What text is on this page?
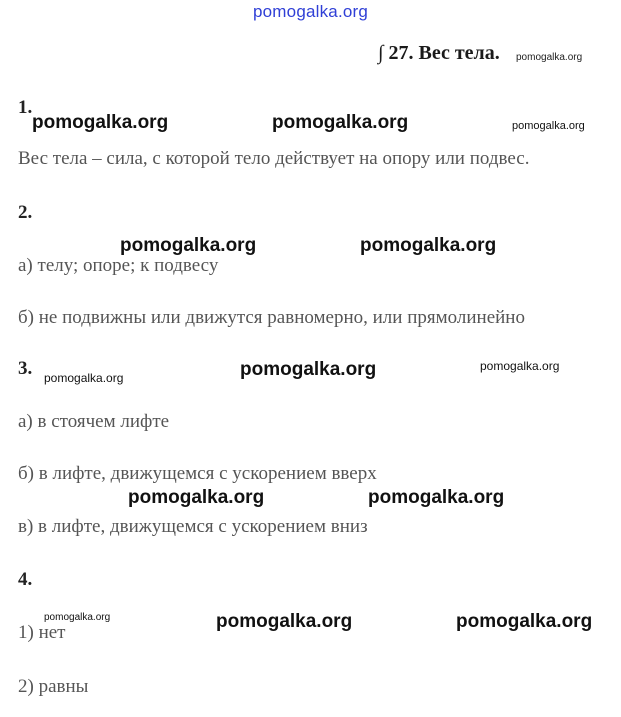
pomogalka.org
∫ 27. Вес тела. pomogalka.org
1.
pomogalka.org	pomogalka.org	pomogalka.org
Вес тела – сила, с которой тело действует на опору или подвес.
2.
pomogalka.org	pomogalka.org
а) телу; опоре; к подвесу
б) не подвижны или движутся равномерно, или прямолинейно
3. pomogalka.org	pomogalka.org	pomogalka.org
а) в стоячем лифте
б) в лифте, движущемся с ускорением вверх
pomogalka.org	pomogalka.org
в) в лифте, движущемся с ускорением вниз
4.
pomogalka.org	pomogalka.org	pomogalka.org
1) нет
2) равны
